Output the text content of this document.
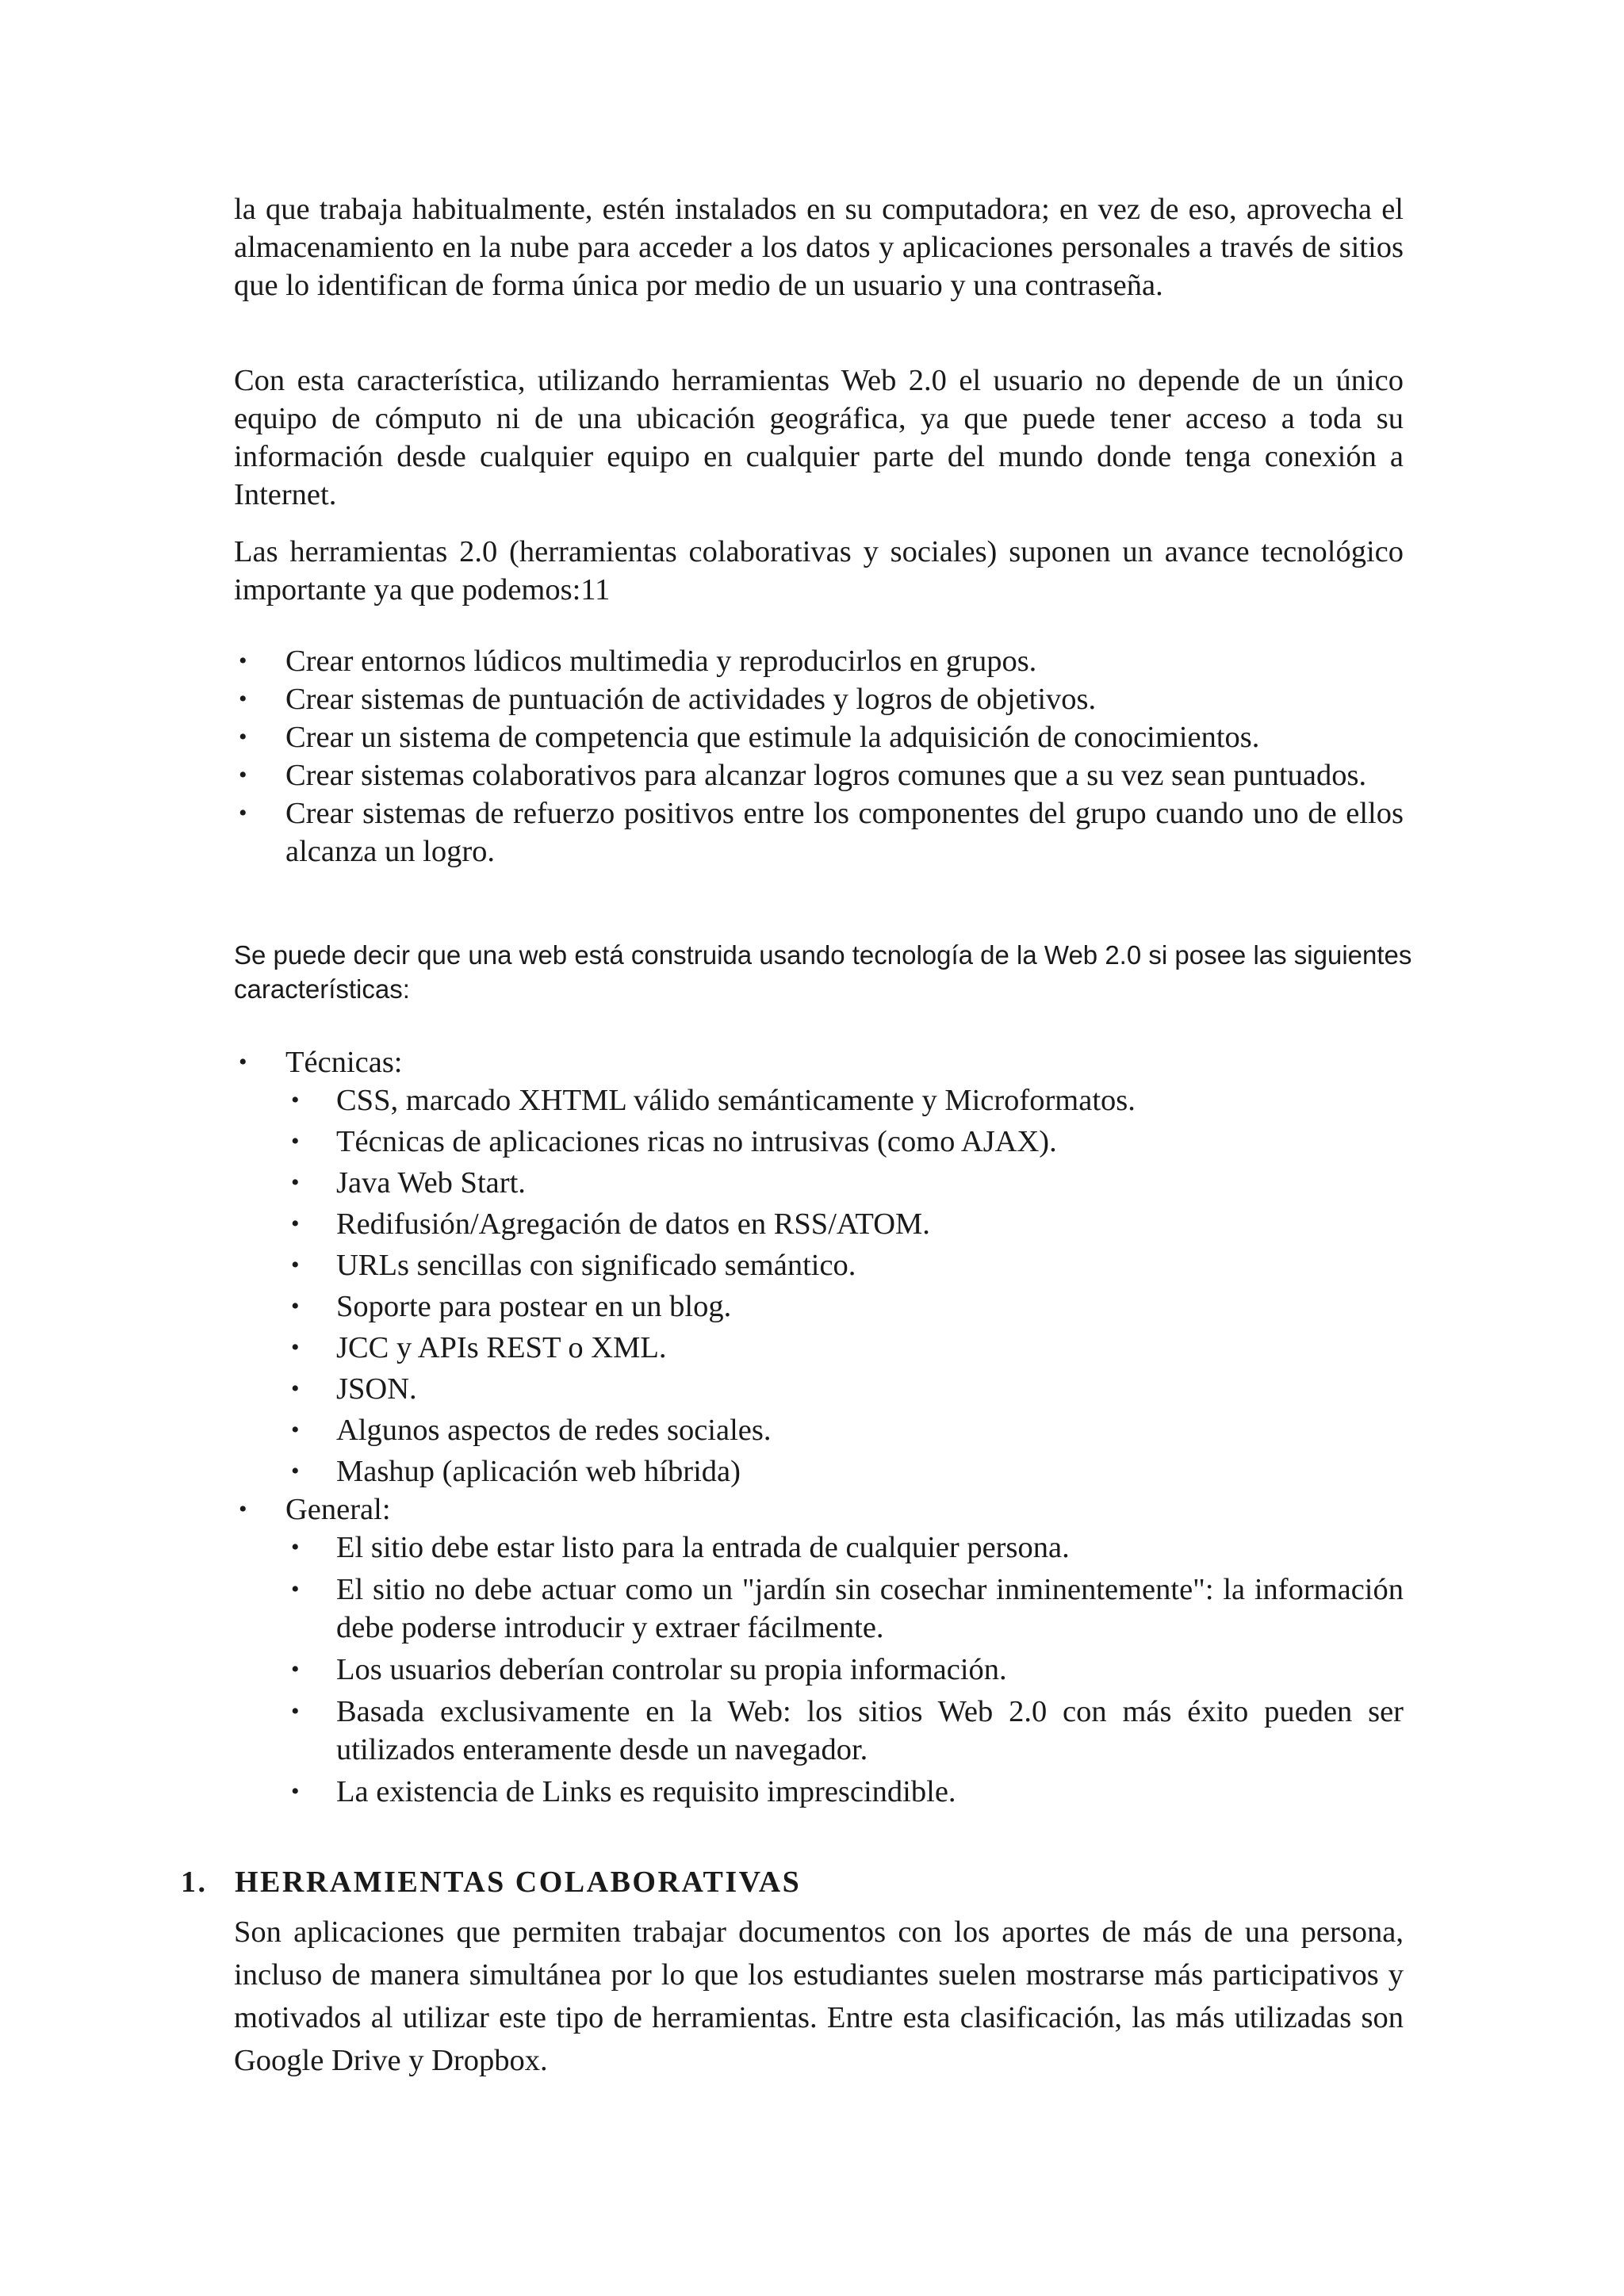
la que trabaja habitualmente, estén instalados en su computadora; en vez de eso, aprovecha el almacenamiento en la nube para acceder a los datos y aplicaciones personales a través de sitios que lo identifican de forma única por medio de un usuario y una contraseña.

Con esta característica, utilizando herramientas Web 2.0 el usuario no depende de un único equipo de cómputo ni de una ubicación geográfica, ya que puede tener acceso a toda su información desde cualquier equipo en cualquier parte del mundo donde tenga conexión a Internet.

Las herramientas 2.0 (herramientas colaborativas y sociales) suponen un avance tecnológico importante ya que podemos:11

• Crear entornos lúdicos multimedia y reproducirlos en grupos.
• Crear sistemas de puntuación de actividades y logros de objetivos.
• Crear un sistema de competencia que estimule la adquisición de conocimientos.
• Crear sistemas colaborativos para alcanzar logros comunes que a su vez sean puntuados.
• Crear sistemas de refuerzo positivos entre los componentes del grupo cuando uno de ellos alcanza un logro.

Se puede decir que una web está construida usando tecnología de la Web 2.0 si posee las siguientes características:

• Técnicas:
• CSS, marcado XHTML válido semánticamente y Microformatos.
• Técnicas de aplicaciones ricas no intrusivas (como AJAX).
• Java Web Start.
• Redifusión/Agregación de datos en RSS/ATOM.
• URLs sencillas con significado semántico.
• Soporte para postear en un blog.
• JCC y APIs REST o XML.
• JSON.
• Algunos aspectos de redes sociales.
• Mashup (aplicación web híbrida)
• General:
• El sitio debe estar listo para la entrada de cualquier persona.
• El sitio no debe actuar como un "jardín sin cosechar inminentemente": la información debe poderse introducir y extraer fácilmente.
• Los usuarios deberían controlar su propia información.
• Basada exclusivamente en la Web: los sitios Web 2.0 con más éxito pueden ser utilizados enteramente desde un navegador.
• La existencia de Links es requisito imprescindible.
1. HERRAMIENTAS COLABORATIVAS

Son aplicaciones que permiten trabajar documentos con los aportes de más de una persona, incluso de manera simultánea por lo que los estudiantes suelen mostrarse más participativos y motivados al utilizar este tipo de herramientas. Entre esta clasificación, las más utilizadas son Google Drive y Dropbox.
